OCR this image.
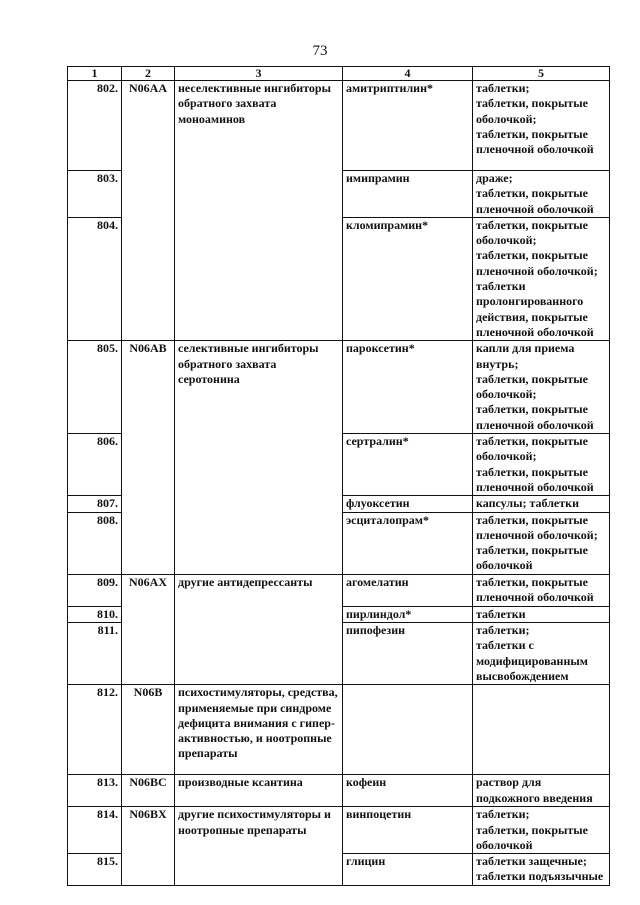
73
1	2	3	4	5
802.	N06AA	неселективные ингибиторы обратного захвата моноаминов	амитриптилин*	таблетки;
таблетки, покрытые оболочкой;
таблетки, покрытые пленочной оболочкой

803.			имипрамин	драже;
таблетки, покрытые пленочной оболочкой

804.			кломипрамин*	таблетки, покрытые оболочкой;
таблетки, покрытые пленочной оболочкой;
таблетки пролонгированного действия, покрытые пленочной оболочкой

805.	N06AB	селективные ингибиторы обратного захвата серотонина	пароксетин*	капли для приема внутрь;
таблетки, покрытые оболочкой;
таблетки, покрытые пленочной оболочкой

806.			сертралин*	таблетки, покрытые оболочкой;
таблетки, покрытые пленочной оболочкой

807.			флуоксетин	капсулы; таблетки

808.			эсциталопрам*	таблетки, покрытые пленочной оболочкой;
таблетки, покрытые оболочкой

809.	N06AX	другие антидепрессанты	агомелатин	таблетки, покрытые пленочной оболочкой

810.			пирлиндол*	таблетки

811.			пипофезин	таблетки;
таблетки с модифицированным высвобождением

812.	N06B	психостимуляторы, средства, применяемые при синдроме дефицита внимания с гипер-активностью, и ноотропные препараты		
813.	N06BC	производные ксантина	кофеин	раствор для подкожного введения

814.	N06BX	другие психостимуляторы и ноотропные препараты	винпоцетин	таблетки;
таблетки, покрытые оболочкой

815.			глицин	таблетки защечные;
таблетки подъязычные
